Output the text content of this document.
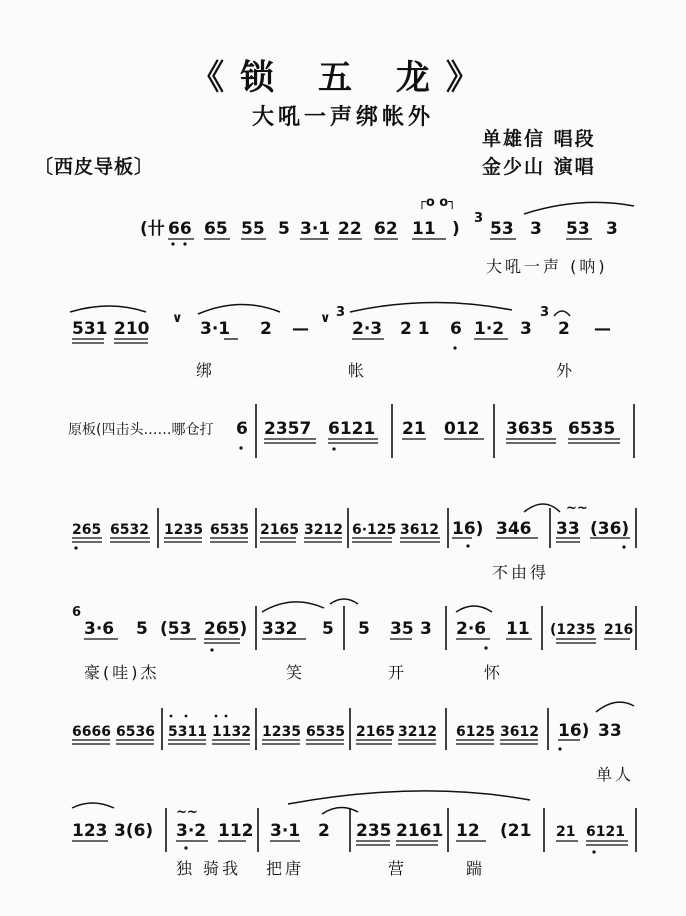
《锁 五 龙》
大吼一声绑帐外
单雄信 唱段
金少山 演唱
〔西皮导板〕
(卄 66 65 55 5 3·1 22 62 11 )
3
53 3 53 3
┌o o┐
大吼一声 (呐)
531 210
∨
3·1 2 —
∨ 3
2·3 2 1 6 1·2 3
3
2 —
绑	帐	外
原板(四击头……哪仓打 6 2357 6121 21 012 3635 6535
265 6532 1235 6535 2165 3212 6·125 3612 16) 346 33
~~
(36)
不由得
6
3·6 5 (53 265) 332 5 5 35 3 2·6 11 (1235 216
豪(哇)杰	笑	开	怀
6666 6536 5311 1132 1235 6535 2165 3212 6125 3612 16) 33
单人
123 3(6)
~~
3·2 112 3·1 2 235 2161 12 (21 21 6121
独 骑我 把唐	营	踹
